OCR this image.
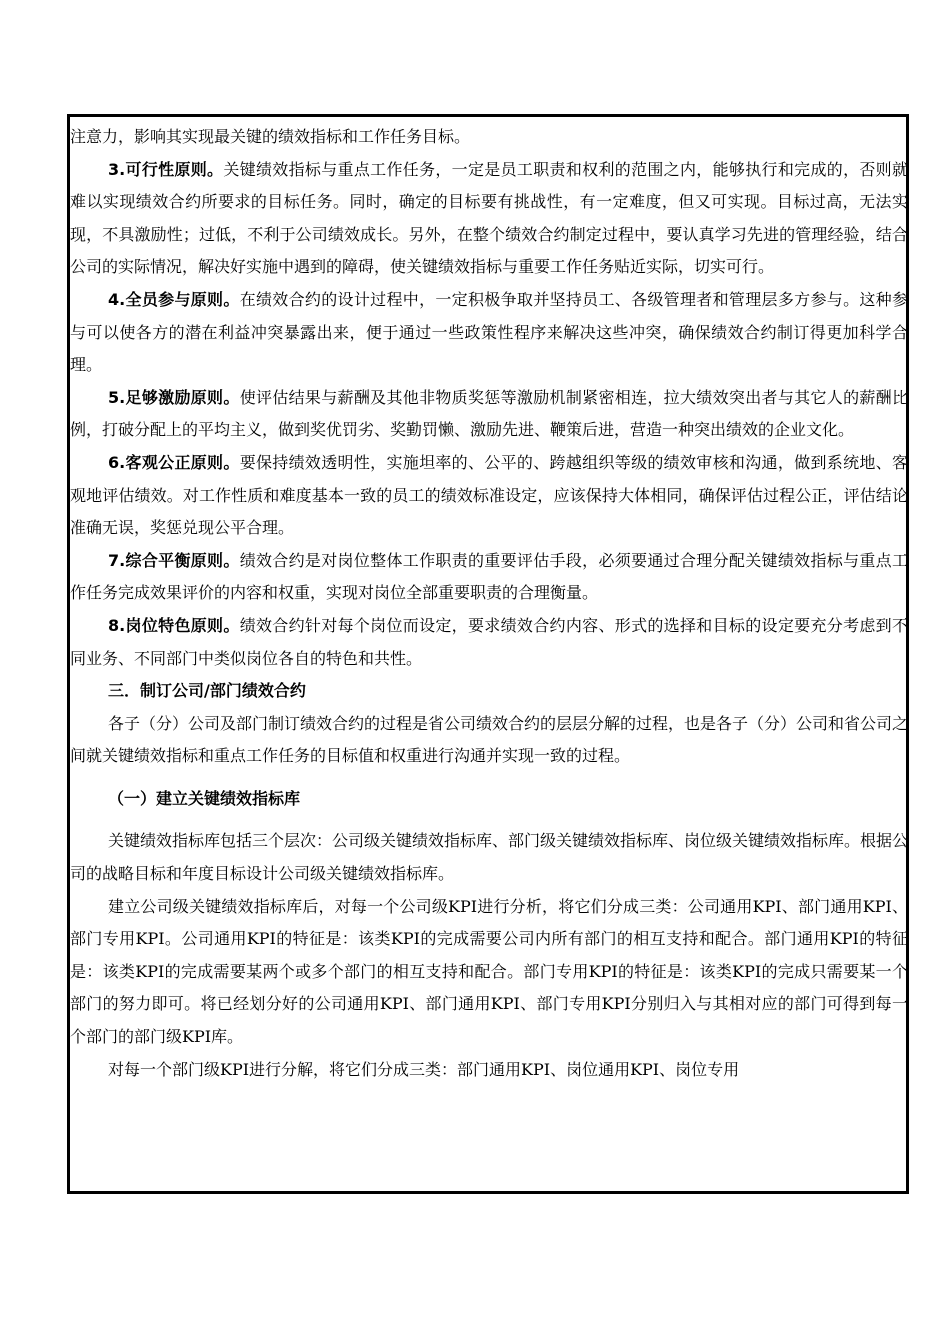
注意力，影响其实现最关键的绩效指标和工作任务目标。

3.可行性原则。关键绩效指标与重点工作任务，一定是员工职责和权利的范围之内，能够执行和完成的，否则就难以实现绩效合约所要求的目标任务。同时，确定的目标要有挑战性，有一定难度，但又可实现。目标过高，无法实现，不具激励性；过低，不利于公司绩效成长。另外，在整个绩效合约制定过程中，要认真学习先进的管理经验，结合公司的实际情况，解决好实施中遇到的障碍，使关键绩效指标与重要工作任务贴近实际，切实可行。

4.全员参与原则。在绩效合约的设计过程中，一定积极争取并坚持员工、各级管理者和管理层多方参与。这种参与可以使各方的潜在利益冲突暴露出来，便于通过一些政策性程序来解决这些冲突，确保绩效合约制订得更加科学合理。

5.足够激励原则。使评估结果与薪酬及其他非物质奖惩等激励机制紧密相连，拉大绩效突出者与其它人的薪酬比例，打破分配上的平均主义，做到奖优罚劣、奖勤罚懒、激励先进、鞭策后进，营造一种突出绩效的企业文化。

6.客观公正原则。要保持绩效透明性，实施坦率的、公平的、跨越组织等级的绩效审核和沟通，做到系统地、客观地评估绩效。对工作性质和难度基本一致的员工的绩效标准设定，应该保持大体相同，确保评估过程公正，评估结论准确无误，奖惩兑现公平合理。

7.综合平衡原则。绩效合约是对岗位整体工作职责的重要评估手段，必须要通过合理分配关键绩效指标与重点工作任务完成效果评价的内容和权重，实现对岗位全部重要职责的合理衡量。

8.岗位特色原则。绩效合约针对每个岗位而设定，要求绩效合约内容、形式的选择和目标的设定要充分考虑到不同业务、不同部门中类似岗位各自的特色和共性。

三．制订公司/部门绩效合约

各子（分）公司及部门制订绩效合约的过程是省公司绩效合约的层层分解的过程，也是各子（分）公司和省公司之间就关键绩效指标和重点工作任务的目标值和权重进行沟通并实现一致的过程。

（一）建立关键绩效指标库

关键绩效指标库包括三个层次：公司级关键绩效指标库、部门级关键绩效指标库、岗位级关键绩效指标库。根据公司的战略目标和年度目标设计公司级关键绩效指标库。

建立公司级关键绩效指标库后，对每一个公司级KPI进行分析，将它们分成三类：公司通用KPI、部门通用KPI、部门专用KPI。公司通用KPI的特征是：该类KPI的完成需要公司内所有部门的相互支持和配合。部门通用KPI的特征是：该类KPI的完成需要某两个或多个部门的相互支持和配合。部门专用KPI的特征是：该类KPI的完成只需要某一个部门的努力即可。将已经划分好的公司通用KPI、部门通用KPI、部门专用KPI分别归入与其相对应的部门可得到每一个部门的部门级KPI库。

对每一个部门级KPI进行分解，将它们分成三类：部门通用KPI、岗位通用KPI、岗位专用
